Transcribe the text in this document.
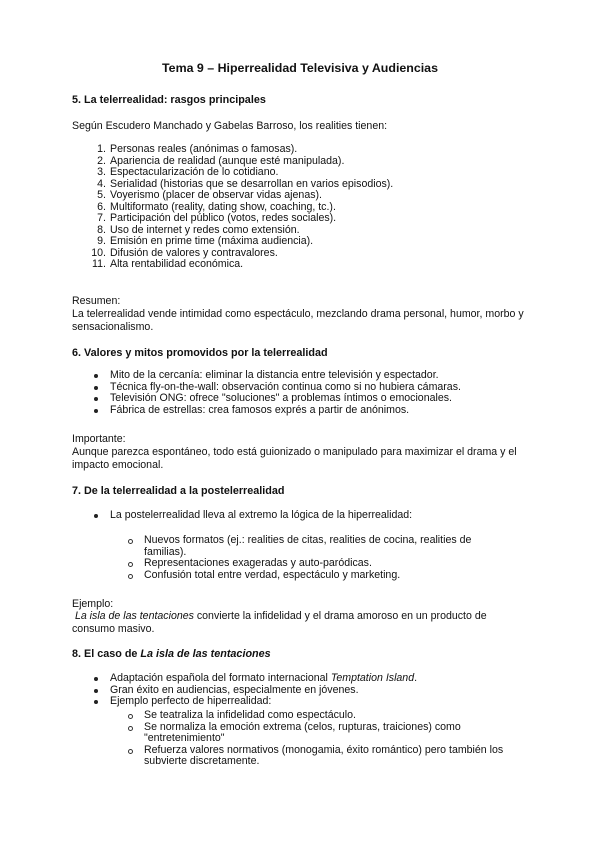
Tema 9 – Hiperrealidad Televisiva y Audiencias
5. La telerrealidad: rasgos principales
Según Escudero Manchado y Gabelas Barroso, los realities tienen:
1. Personas reales (anónimas o famosas).
2. Apariencia de realidad (aunque esté manipulada).
3. Espectacularización de lo cotidiano.
4. Serialidad (historias que se desarrollan en varios episodios).
5. Voyerismo (placer de observar vidas ajenas).
6. Multiformato (reality, dating show, coaching, tc.).
7. Participación del público (votos, redes sociales).
8. Uso de internet y redes como extensión.
9. Emisión en prime time (máxima audiencia).
10. Difusión de valores y contravalores.
11. Alta rentabilidad económica.
Resumen:
La telerrealidad vende intimidad como espectáculo, mezclando drama personal, humor, morbo y sensacionalismo.
6. Valores y mitos promovidos por la telerrealidad
Mito de la cercanía: eliminar la distancia entre televisión y espectador.
Técnica fly-on-the-wall: observación continua como si no hubiera cámaras.
Televisión ONG: ofrece "soluciones" a problemas íntimos o emocionales.
Fábrica de estrellas: crea famosos exprés a partir de anónimos.
Importante:
Aunque parezca espontáneo, todo está guionizado o manipulado para maximizar el drama y el impacto emocional.
7. De la telerrealidad a la postelerrealidad
La postelerrealidad lleva al extremo la lógica de la hiperrealidad:
Nuevos formatos (ej.: realities de citas, realities de cocina, realities de familias).
Representaciones exageradas y auto-paródicas.
Confusión total entre verdad, espectáculo y marketing.
Ejemplo:
La isla de las tentaciones convierte la infidelidad y el drama amoroso en un producto de consumo masivo.
8. El caso de La isla de las tentaciones
Adaptación española del formato internacional Temptation Island.
Gran éxito en audiencias, especialmente en jóvenes.
Ejemplo perfecto de hiperrealidad:
Se teatraliza la infidelidad como espectáculo.
Se normaliza la emoción extrema (celos, rupturas, traiciones) como "entretenimiento"
Refuerza valores normativos (monogamia, éxito romántico) pero también los subvierte discretamente.
